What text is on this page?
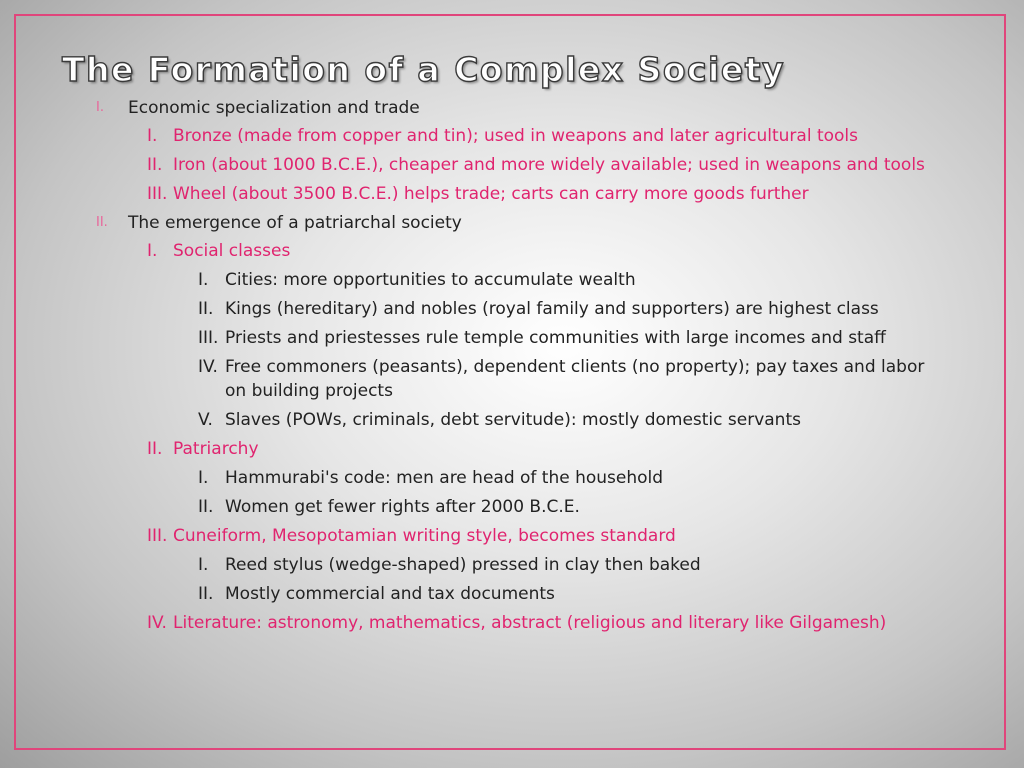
The Formation of a Complex Society
I. Economic specialization and trade
I. Bronze (made from copper and tin); used in weapons and later agricultural tools
II. Iron (about 1000 B.C.E.), cheaper and more widely available; used in weapons and tools
III. Wheel (about 3500 B.C.E.) helps trade; carts can carry more goods further
II. The emergence of a patriarchal society
I. Social classes
I. Cities: more opportunities to accumulate wealth
II. Kings (hereditary) and nobles (royal family and supporters) are highest class
III. Priests and priestesses rule temple communities with large incomes and staff
IV. Free commoners (peasants), dependent clients (no property); pay taxes and labor on building projects
V. Slaves (POWs, criminals, debt servitude): mostly domestic servants
II. Patriarchy
I. Hammurabi's code: men are head of the household
II. Women get fewer rights after 2000 B.C.E.
III. Cuneiform, Mesopotamian writing style, becomes standard
I. Reed stylus (wedge-shaped) pressed in clay then baked
II. Mostly commercial and tax documents
IV. Literature: astronomy, mathematics, abstract (religious and literary like Gilgamesh)
